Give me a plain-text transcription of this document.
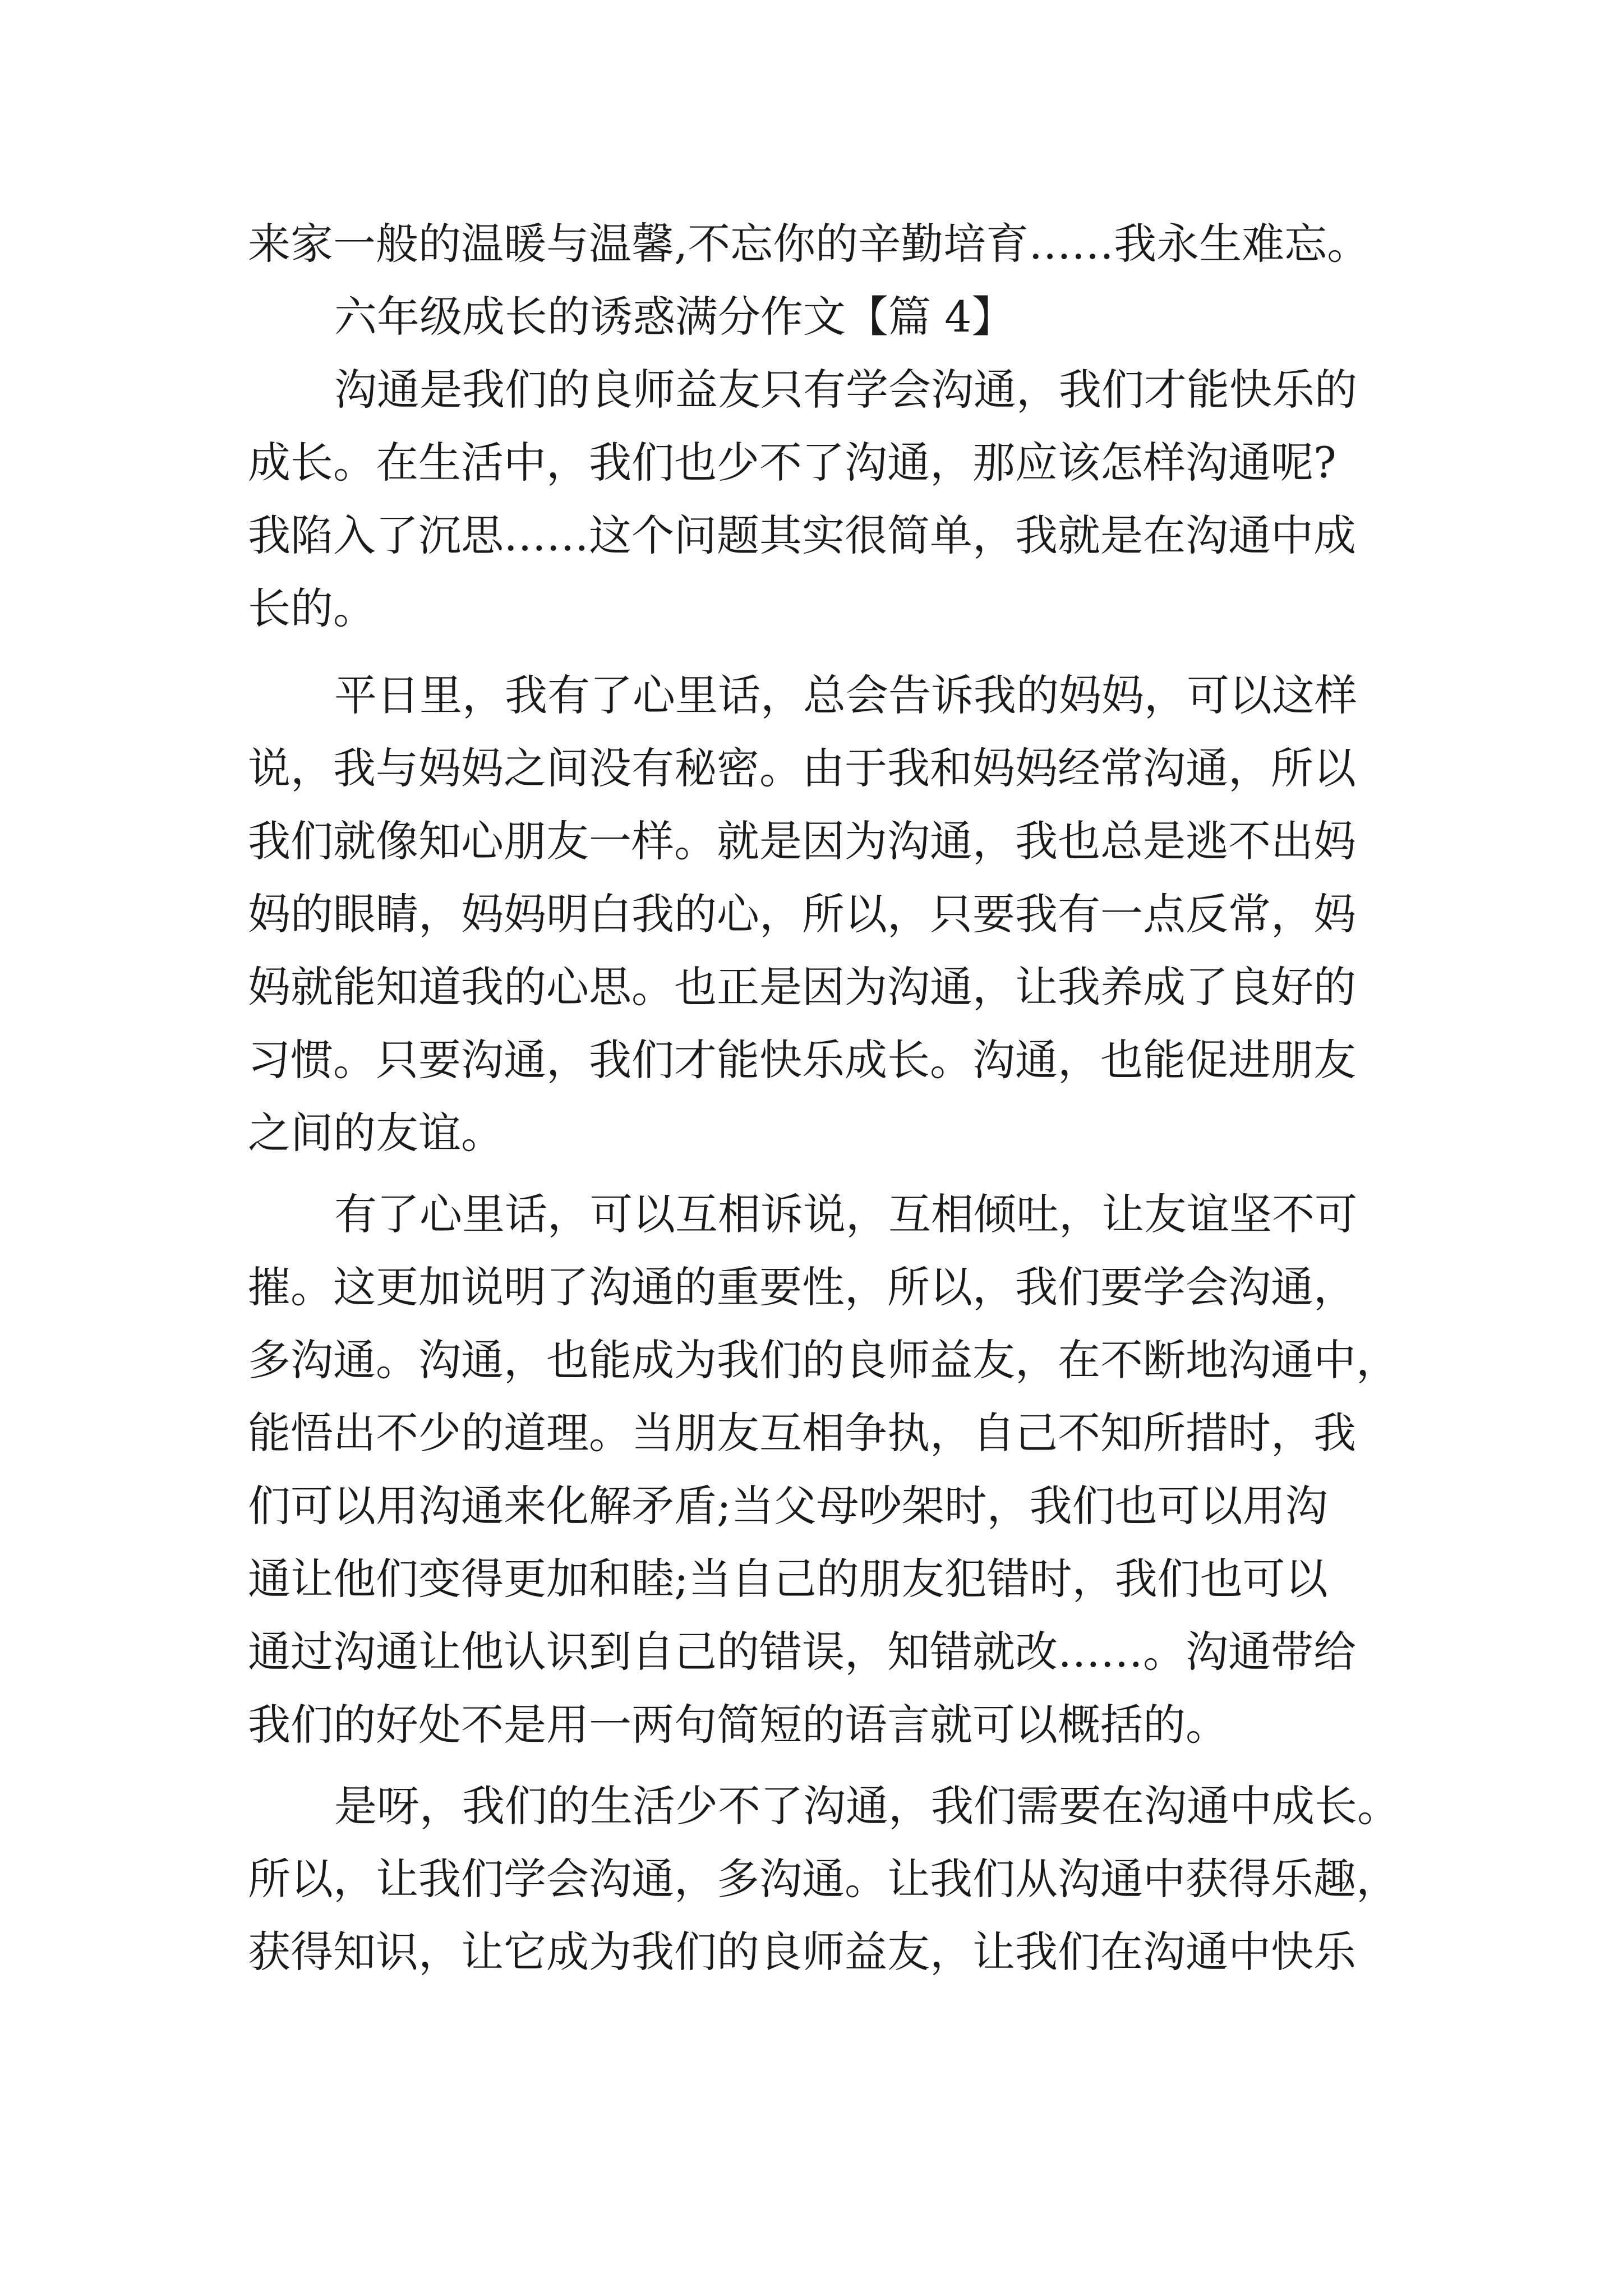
来家一般的温暖与温馨,不忘你的辛勤培育……我永生难忘。

六年级成长的诱惑满分作文【篇 4】

沟通是我们的良师益友只有学会沟通，我们才能快乐的

成长。在生活中，我们也少不了沟通，那应该怎样沟通呢?

我陷入了沉思……这个问题其实很简单，我就是在沟通中成

长的。

平日里，我有了心里话，总会告诉我的妈妈，可以这样

说，我与妈妈之间没有秘密。由于我和妈妈经常沟通，所以

我们就像知心朋友一样。就是因为沟通，我也总是逃不出妈

妈的眼睛，妈妈明白我的心，所以，只要我有一点反常，妈

妈就能知道我的心思。也正是因为沟通，让我养成了良好的

习惯。只要沟通，我们才能快乐成长。沟通，也能促进朋友

之间的友谊。

有了心里话，可以互相诉说，互相倾吐，让友谊坚不可

摧。这更加说明了沟通的重要性，所以，我们要学会沟通，

多沟通。沟通，也能成为我们的良师益友，在不断地沟通中，

能悟出不少的道理。当朋友互相争执，自己不知所措时，我

们可以用沟通来化解矛盾;当父母吵架时，我们也可以用沟

通让他们变得更加和睦;当自己的朋友犯错时，我们也可以

通过沟通让他认识到自己的错误，知错就改……。沟通带给

我们的好处不是用一两句简短的语言就可以概括的。

是呀，我们的生活少不了沟通，我们需要在沟通中成长。

所以，让我们学会沟通，多沟通。让我们从沟通中获得乐趣，

获得知识，让它成为我们的良师益友，让我们在沟通中快乐
